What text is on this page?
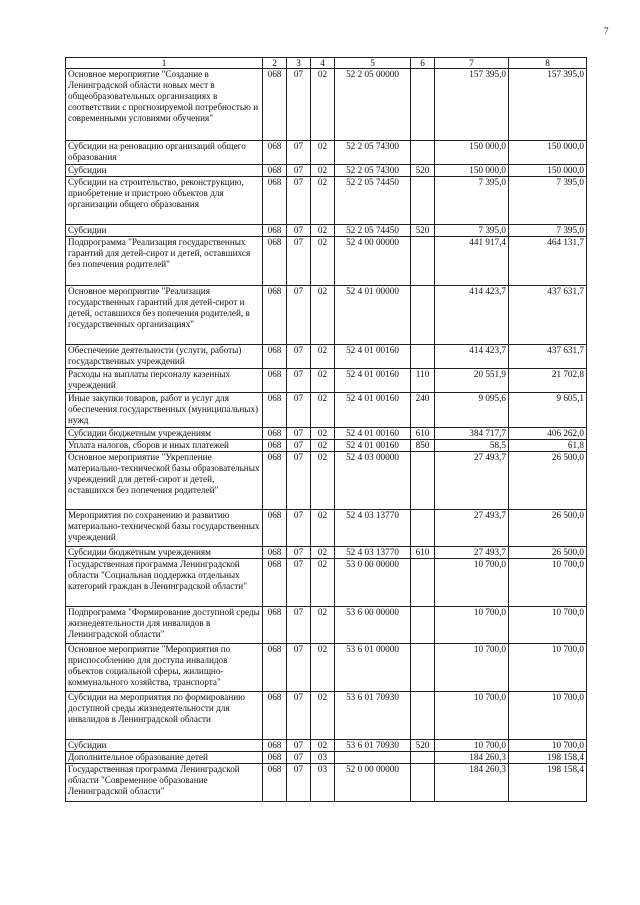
7
1	2	3	4	5	6	7	8
Основное мероприятие "Создание в Ленинградской области новых мест в общеобразовательных организациях в соответствии с прогнозируемой потребностью и современными условиями обучения"	068	07	02	52 2 05 00000		157 395,0	157 395,0
Субсидии на реновацию организаций общего образования	068	07	02	52 2 05 74300		150 000,0	150 000,0
Субсидии	068	07	02	52 2 05 74300	520	150 000,0	150 000,0
Субсидии на строительство, реконструкцию, приобретение и пристрою объектов для организации общего образования	068	07	02	52 2 05 74450		7 395,0	7 395,0
Субсидии	068	07	02	52 2 05 74450	520	7 395,0	7 395,0
Подпрограмма "Реализация государственных гарантий для детей-сирот и детей, оставшихся без попечения родителей"	068	07	02	52 4 00 00000		441 917,4	464 131,7
Основное мероприятие "Реализация государственных гарантий для детей-сирот и детей, оставшихся без попечения родителей, в государственных организациях"	068	07	02	52 4 01 00000		414 423,7	437 631,7
Обеспечение деятельности (услуги, работы) государственных учреждений	068	07	02	52 4 01 00160		414 423,7	437 631,7
Расходы на выплаты персоналу казенных учреждений	068	07	02	52 4 01 00160	110	20 551,9	21 702,8
Иные закупки товаров, работ и услуг для обеспечения государственных (муниципальных) нужд	068	07	02	52 4 01 00160	240	9 095,6	9 605,1
Субсидии бюджетным учреждениям	068	07	02	52 4 01 00160	610	384 717,7	406 262,0
Уплата налогов, сборов и иных платежей	068	07	02	52 4 01 00160	850	58,5	61,8
Основное мероприятие "Укрепление материально-технической базы образовательных учреждений для детей-сирот и детей, оставшихся без попечения родителей"	068	07	02	52 4 03 00000		27 493,7	26 500,0
Мероприятия по сохранению и развитию материально-технической базы государственных учреждений	068	07	02	52 4 03 13770		27 493,7	26 500,0
Субсидии бюджетным учреждениям	068	07	02	52 4 03 13770	610	27 493,7	26 500,0
Государственная программа Ленинградской области "Социальная поддержка отдельных категорий граждан в Ленинградской области"	068	07	02	53 0 00 00000		10 700,0	10 700,0
Подпрограмма "Формирование доступной среды жизнедеятельности для инвалидов в Ленинградской области"	068	07	02	53 6 00 00000		10 700,0	10 700,0
Основное мероприятие "Мероприятия по приспособлению для доступа инвалидов объектов социальной сферы, жилищно-коммунального хозяйства, транспорта"	068	07	02	53 6 01 00000		10 700,0	10 700,0
Субсидии на мероприятия по формированию доступной среды жизнедеятельности для инвалидов в Ленинградской области	068	07	02	53 6 01 70930		10 700,0	10 700,0
Субсидии	068	07	02	53 6 01 70930	520	10 700,0	10 700,0
Дополнительное образование детей	068	07	03			184 260,3	198 158,4
Государственная программа Ленинградской области "Современное образование Ленинградской области"	068	07	03	52 0 00 00000		184 260,3	198 158,4
